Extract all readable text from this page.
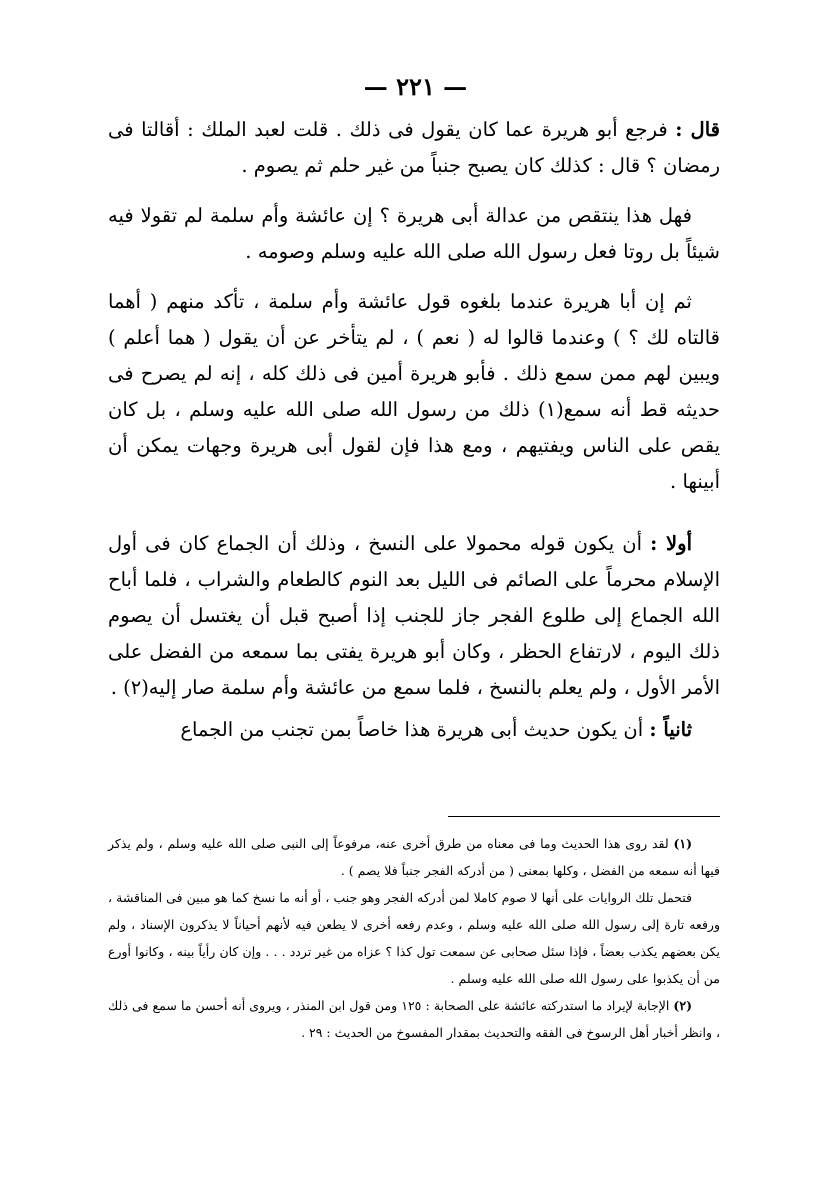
— ٢٢١ —

قال : فرجع أبو هريرة عما كان يقول فى ذلك . قلت لعبد الملك : أقالتا فى رمضان ؟ قال : كذلك كان يصبح جنباً من غير حلم ثم يصوم .

فهل هذا ينتقص من عدالة أبى هريرة ؟ إن عائشة وأم سلمة لم تقولا فيه شيئاً بل روتا فعل رسول الله صلى الله عليه وسلم وصومه .

ثم إن أبا هريرة عندما بلغوه قول عائشة وأم سلمة ، تأكد منهم ( أهما قالتاه لك ؟ ) وعندما قالوا له ( نعم ) ، لم يتأخر عن أن يقول ( هما أعلم ) ويبين لهم ممن سمع ذلك . فأبو هريرة أمين فى ذلك كله ، إنه لم يصرح فى حديثه قط أنه سمع(١) ذلك من رسول الله صلى الله عليه وسلم ، بل كان يقص على الناس ويفتيهم ، ومع هذا فإن لقول أبى هريرة وجهات يمكن أن أبينها .

أولا : أن يكون قوله محمولا على النسخ ، وذلك أن الجماع كان فى أول الإسلام محرماً على الصائم فى الليل بعد النوم كالطعام والشراب ، فلما أباح الله الجماع إلى طلوع الفجر جاز للجنب إذا أصبح قبل أن يغتسل أن يصوم ذلك اليوم ، لارتفاع الحظر ، وكان أبو هريرة يفتى بما سمعه من الفضل على الأمر الأول ، ولم يعلم بالنسخ ، فلما سمع من عائشة وأم سلمة صار إليه(٢) .

ثانياً : أن يكون حديث أبى هريرة هذا خاصاً بمن تجنب من الجماع

(١) لقد روى هذا الحديث وما فى معناه من طرق أخرى عنه، مرفوعاً إلى النبى صلى الله عليه وسلم ، ولم يذكر فيها أنه سمعه من الفضل ، وكلها بمعنى ( من أدركه الفجر جنباً فلا يصم ) .

فتحمل تلك الروايات على أنها لا صوم كاملا لمن أدركه الفجر وهو جنب ، أو أنه ما نسخ كما هو مبين فى المناقشة ، ورفعه تارة إلى رسول الله صلى الله عليه وسلم ، وعدم رفعه أخرى لا يطعن فيه لأنهم أحياناً لا يذكرون الإسناد ، ولم يكن بعضهم يكذب بعضاً ، فإذا سئل صحابى عن سمعت تول كذا ؟ عزاه من غير تردد . . . وإن كان رأياً بينه ، وكانوا أورع من أن يكذبوا على رسول الله صلى الله عليه وسلم .

(٢) الإجابة لإيراد ما استدركته عائشة على الصحابة : ١٢٥ ومن قول ابن المنذر ، ويروى أنه أحسن ما سمع فى ذلك ، وانظر أخبار أهل الرسوخ فى الفقه والتحديث بمقدار المفسوخ من الحديث : ٢٩ .
